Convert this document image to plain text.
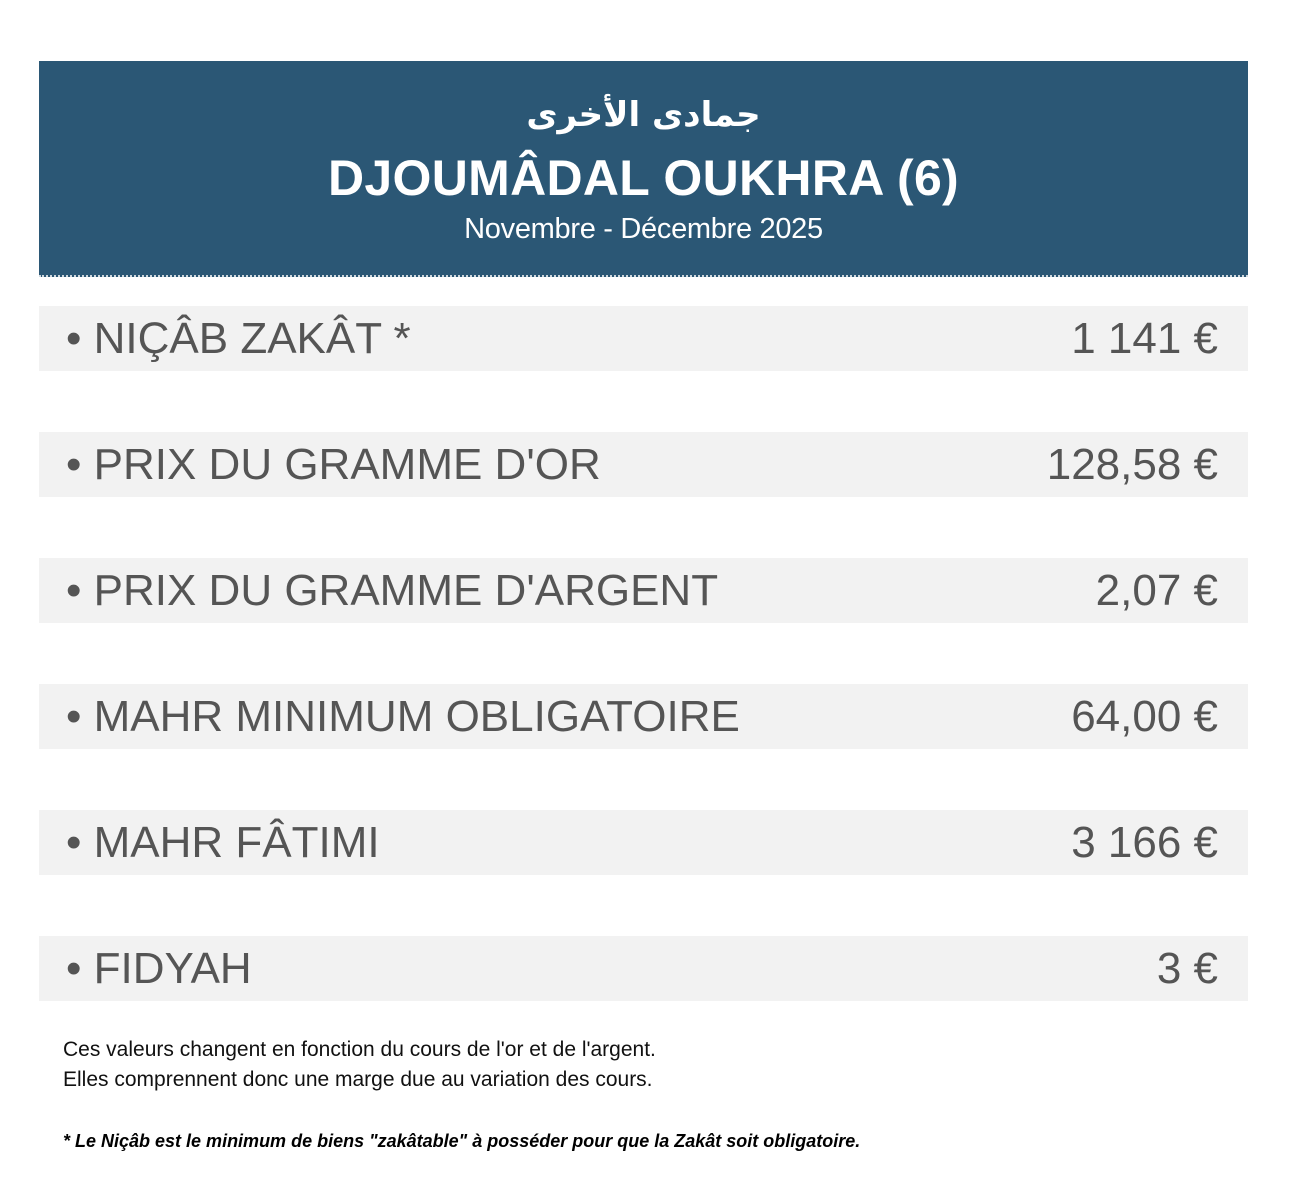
جمادى الأخرى
DJOUMÂDAL OUKHRA (6)
Novembre - Décembre 2025
• NIÇÂB ZAKÂT *	1 141 €
• PRIX DU GRAMME D'OR	128,58 €
• PRIX DU GRAMME D'ARGENT	2,07 €
• MAHR MINIMUM OBLIGATOIRE	64,00 €
• MAHR FÂTIMI	3 166 €
• FIDYAH	3 €
Ces valeurs changent en fonction du cours de l'or et de l'argent.
Elles comprennent donc une marge due au variation des cours.
* Le Niçâb est le minimum de biens "zakâtable" à posséder pour que la Zakât soit obligatoire.
